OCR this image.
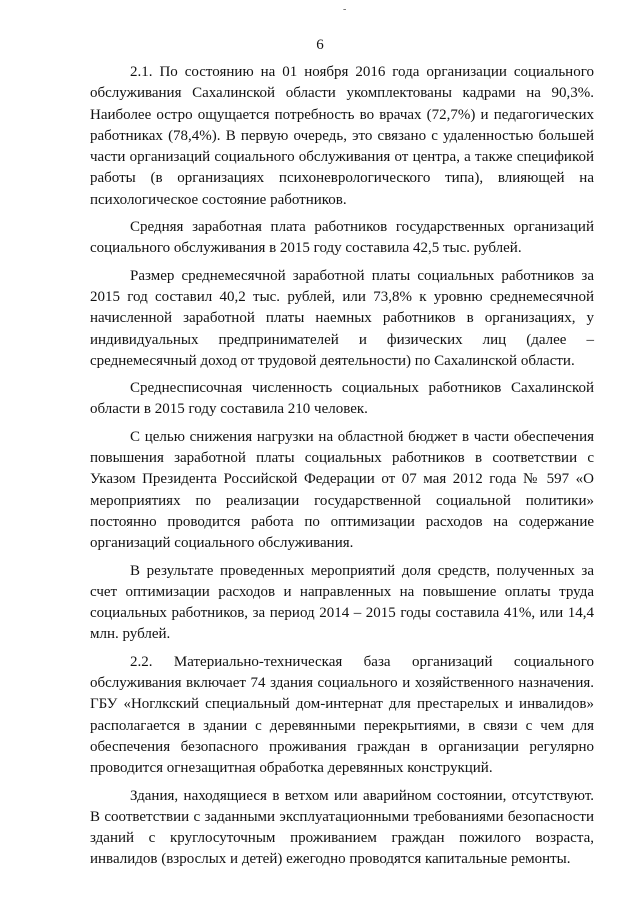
-
6

2.1. По состоянию на 01 ноября 2016 года организации социального обслуживания Сахалинской области укомплектованы кадрами на 90,3%. Наиболее остро ощущается потребность во врачах (72,7%) и педагогических работниках (78,4%). В первую очередь, это связано с удаленностью большей части организаций социального обслуживания от центра, а также спецификой работы (в организациях психоневрологического типа), влияющей на психологическое состояние работников.

Средняя заработная плата работников государственных организаций социального обслуживания в 2015 году составила 42,5 тыс. рублей.

Размер среднемесячной заработной платы социальных работников за 2015 год составил 40,2 тыс. рублей, или 73,8% к уровню среднемесячной начисленной заработной платы наемных работников в организациях, у индивидуальных предпринимателей и физических лиц (далее – среднемесячный доход от трудовой деятельности) по Сахалинской области.

Среднесписочная численность социальных работников Сахалинской области в 2015 году составила 210 человек.

С целью снижения нагрузки на областной бюджет в части обеспечения повышения заработной платы социальных работников в соответствии с Указом Президента Российской Федерации от 07 мая 2012 года № 597 «О мероприятиях по реализации государственной социальной политики» постоянно проводится работа по оптимизации расходов на содержание организаций социального обслуживания.

В результате проведенных мероприятий доля средств, полученных за счет оптимизации расходов и направленных на повышение оплаты труда социальных работников, за период 2014 – 2015 годы составила 41%, или 14,4 млн. рублей.

2.2. Материально-техническая база организаций социального обслуживания включает 74 здания социального и хозяйственного назначения. ГБУ «Ноглкский специальный дом-интернат для престарелых и инвалидов» располагается в здании с деревянными перекрытиями, в связи с чем для обеспечения безопасного проживания граждан в организации регулярно проводится огнезащитная обработка деревянных конструкций.

Здания, находящиеся в ветхом или аварийном состоянии, отсутствуют. В соответствии с заданными эксплуатационными требованиями безопасности зданий с круглосуточным проживанием граждан пожилого возраста, инвалидов (взрослых и детей) ежегодно проводятся капитальные ремонты.
